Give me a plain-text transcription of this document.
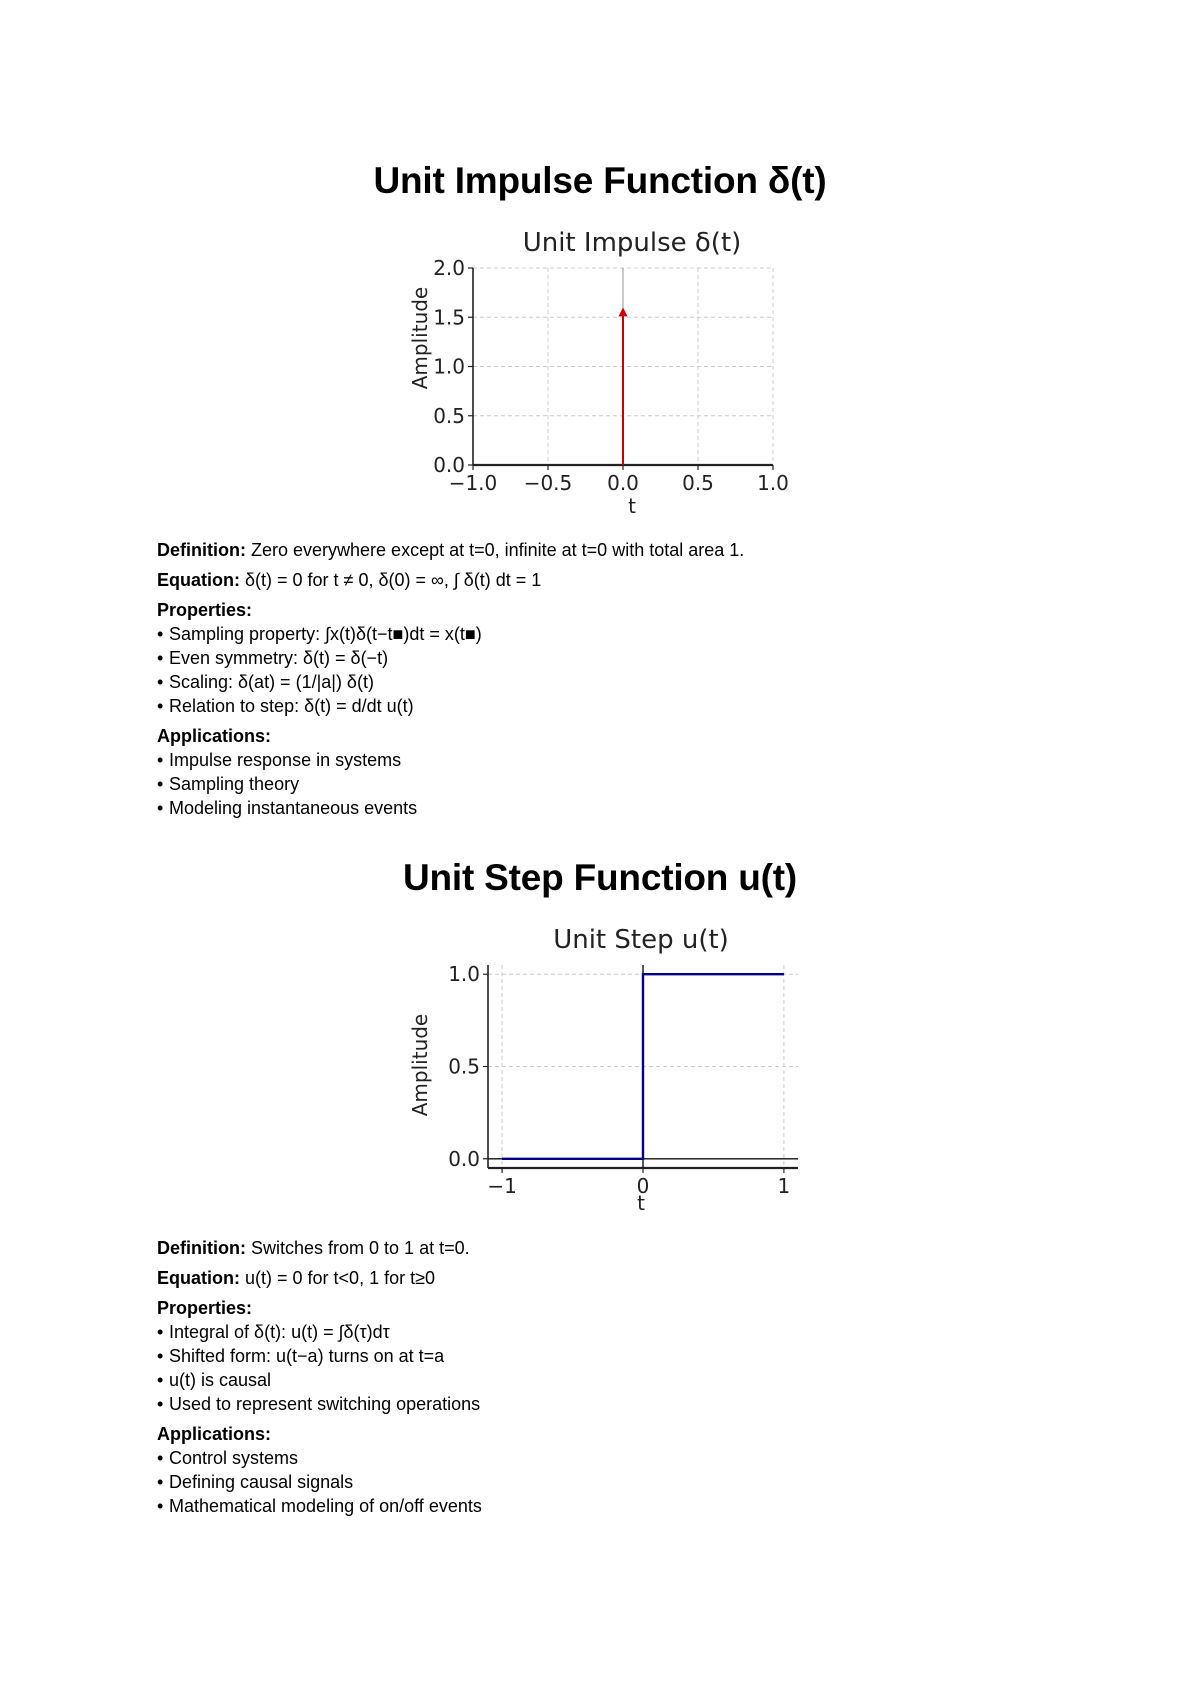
Unit Impulse Function δ(t)
Unit Impulse δ(t)
−1.0 −0.5 0.0 0.5 1.0
0.0
0.5
1.0
1.5
2.0
t
Amplitude
Definition: Zero everywhere except at t=0, infinite at t=0 with total area 1.
Equation: δ(t) = 0 for t ≠ 0, δ(0) = ∞, ∫ δ(t) dt = 1
Properties:
• Sampling property: ∫x(t)δ(t−t■)dt = x(t■)
• Even symmetry: δ(t) = δ(−t)
• Scaling: δ(at) = (1/|a|) δ(t)
• Relation to step: δ(t) = d/dt u(t)
Applications:
• Impulse response in systems
• Sampling theory
• Modeling instantaneous events
Unit Step Function u(t)
Unit Step u(t)
−1	0	1
0.0
0.5
1.0
t
Amplitude
Definition: Switches from 0 to 1 at t=0.
Equation: u(t) = 0 for t<0, 1 for t≥0
Properties:
• Integral of δ(t): u(t) = ∫δ(τ)dτ
• Shifted form: u(t−a) turns on at t=a
• u(t) is causal
• Used to represent switching operations
Applications:
• Control systems
• Defining causal signals
• Mathematical modeling of on/off events
